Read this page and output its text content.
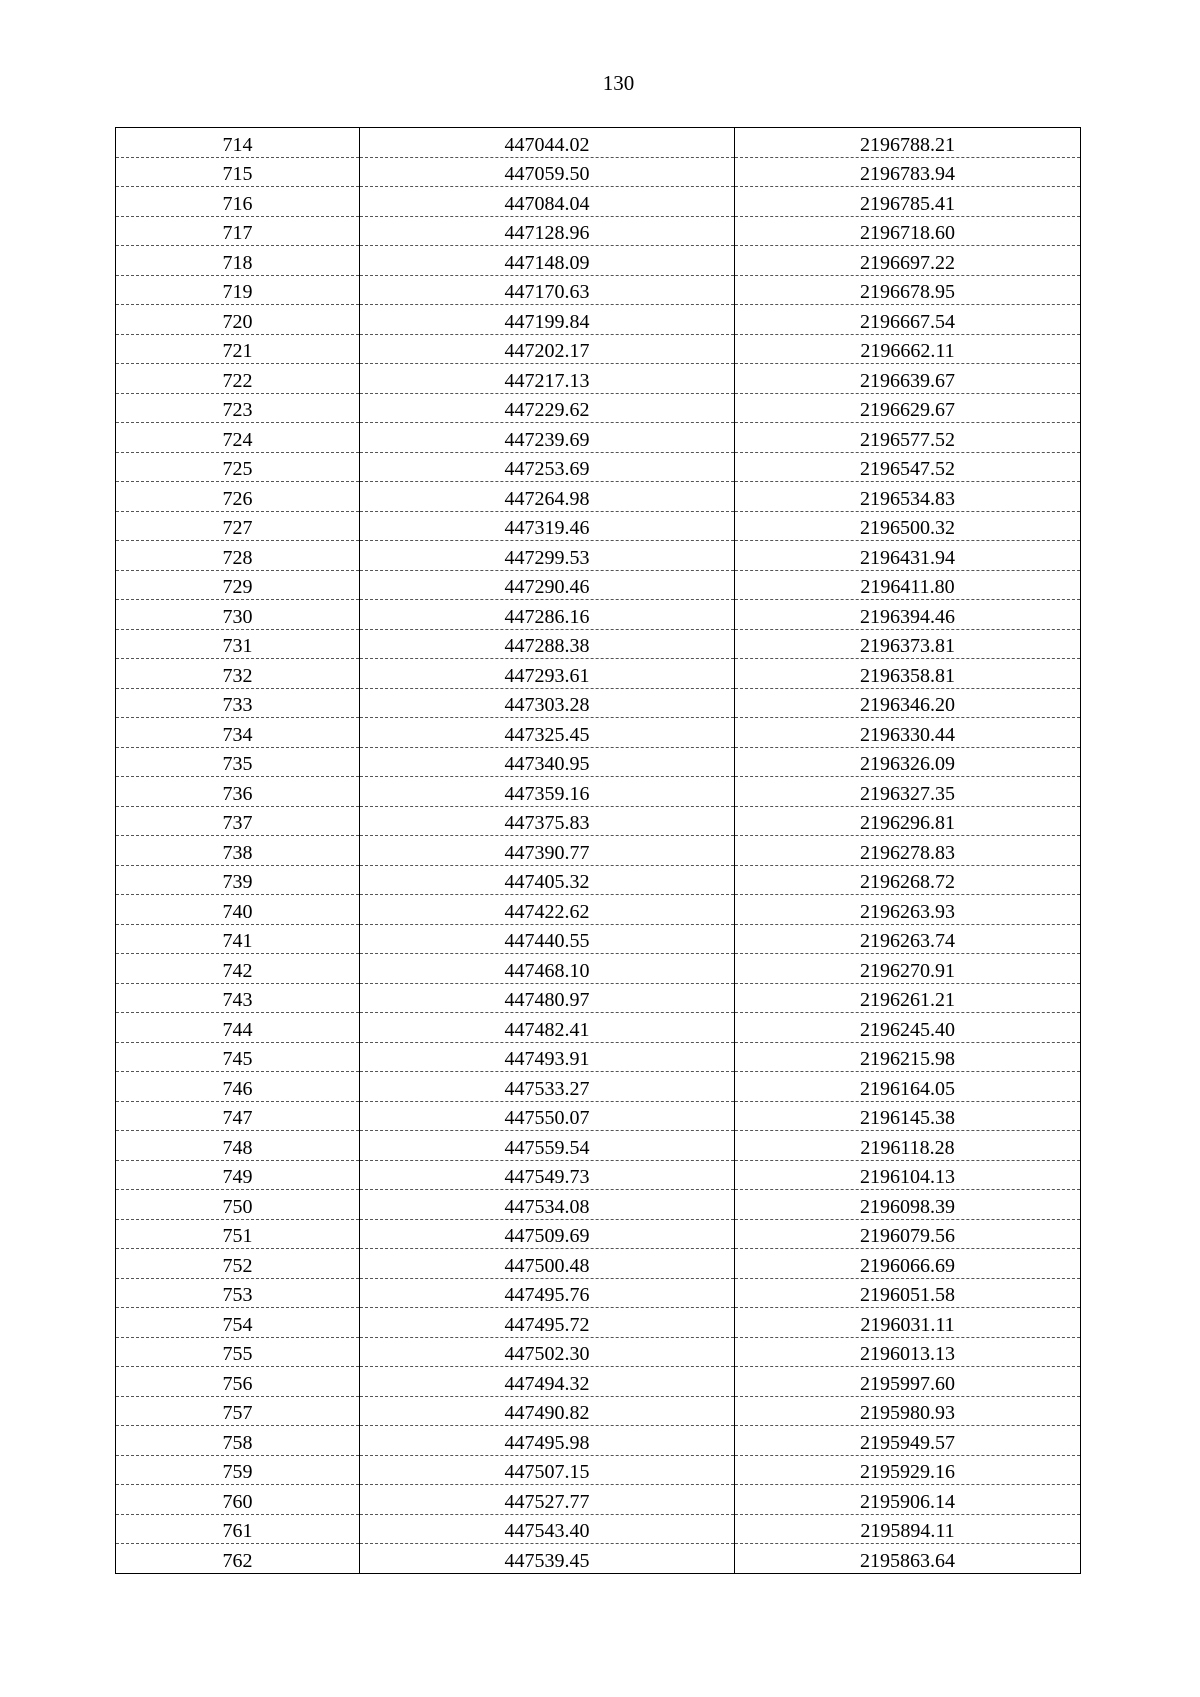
130
714	447044.02	2196788.21
715	447059.50	2196783.94
716	447084.04	2196785.41
717	447128.96	2196718.60
718	447148.09	2196697.22
719	447170.63	2196678.95
720	447199.84	2196667.54
721	447202.17	2196662.11
722	447217.13	2196639.67
723	447229.62	2196629.67
724	447239.69	2196577.52
725	447253.69	2196547.52
726	447264.98	2196534.83
727	447319.46	2196500.32
728	447299.53	2196431.94
729	447290.46	2196411.80
730	447286.16	2196394.46
731	447288.38	2196373.81
732	447293.61	2196358.81
733	447303.28	2196346.20
734	447325.45	2196330.44
735	447340.95	2196326.09
736	447359.16	2196327.35
737	447375.83	2196296.81
738	447390.77	2196278.83
739	447405.32	2196268.72
740	447422.62	2196263.93
741	447440.55	2196263.74
742	447468.10	2196270.91
743	447480.97	2196261.21
744	447482.41	2196245.40
745	447493.91	2196215.98
746	447533.27	2196164.05
747	447550.07	2196145.38
748	447559.54	2196118.28
749	447549.73	2196104.13
750	447534.08	2196098.39
751	447509.69	2196079.56
752	447500.48	2196066.69
753	447495.76	2196051.58
754	447495.72	2196031.11
755	447502.30	2196013.13
756	447494.32	2195997.60
757	447490.82	2195980.93
758	447495.98	2195949.57
759	447507.15	2195929.16
760	447527.77	2195906.14
761	447543.40	2195894.11
762	447539.45	2195863.64
